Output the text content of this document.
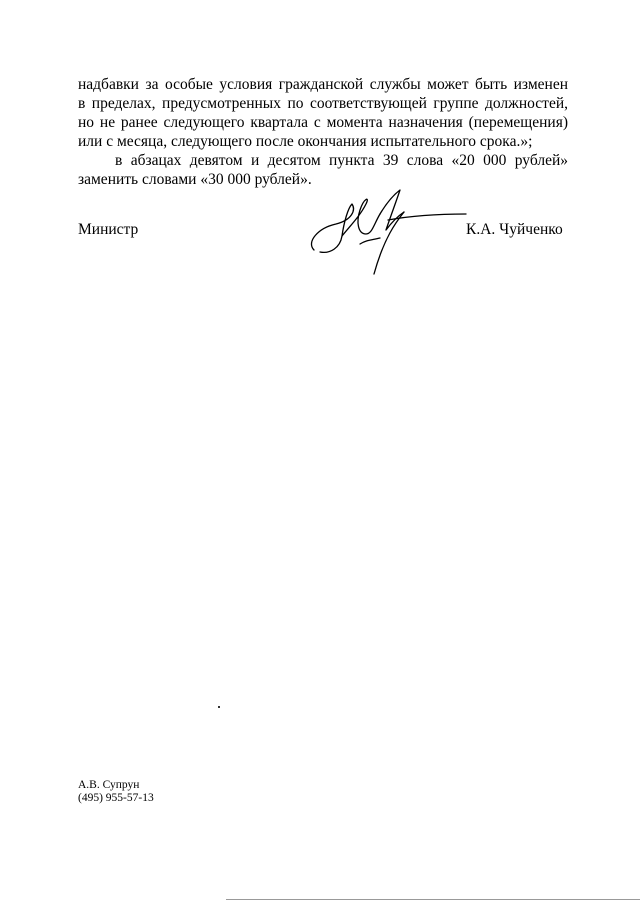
надбавки за особые условия гражданской службы может быть изменен
в пределах, предусмотренных по соответствующей группе должностей,
но не ранее следующего квартала с момента назначения (перемещения)
или с месяца, следующего после окончания испытательного срока.»;
в абзацах девятом и десятом пункта 39 слова «20 000 рублей»
заменить словами «30 000 рублей».
Министр	К.А. Чуйченко
А.В. Супрун
(495) 955-57-13
